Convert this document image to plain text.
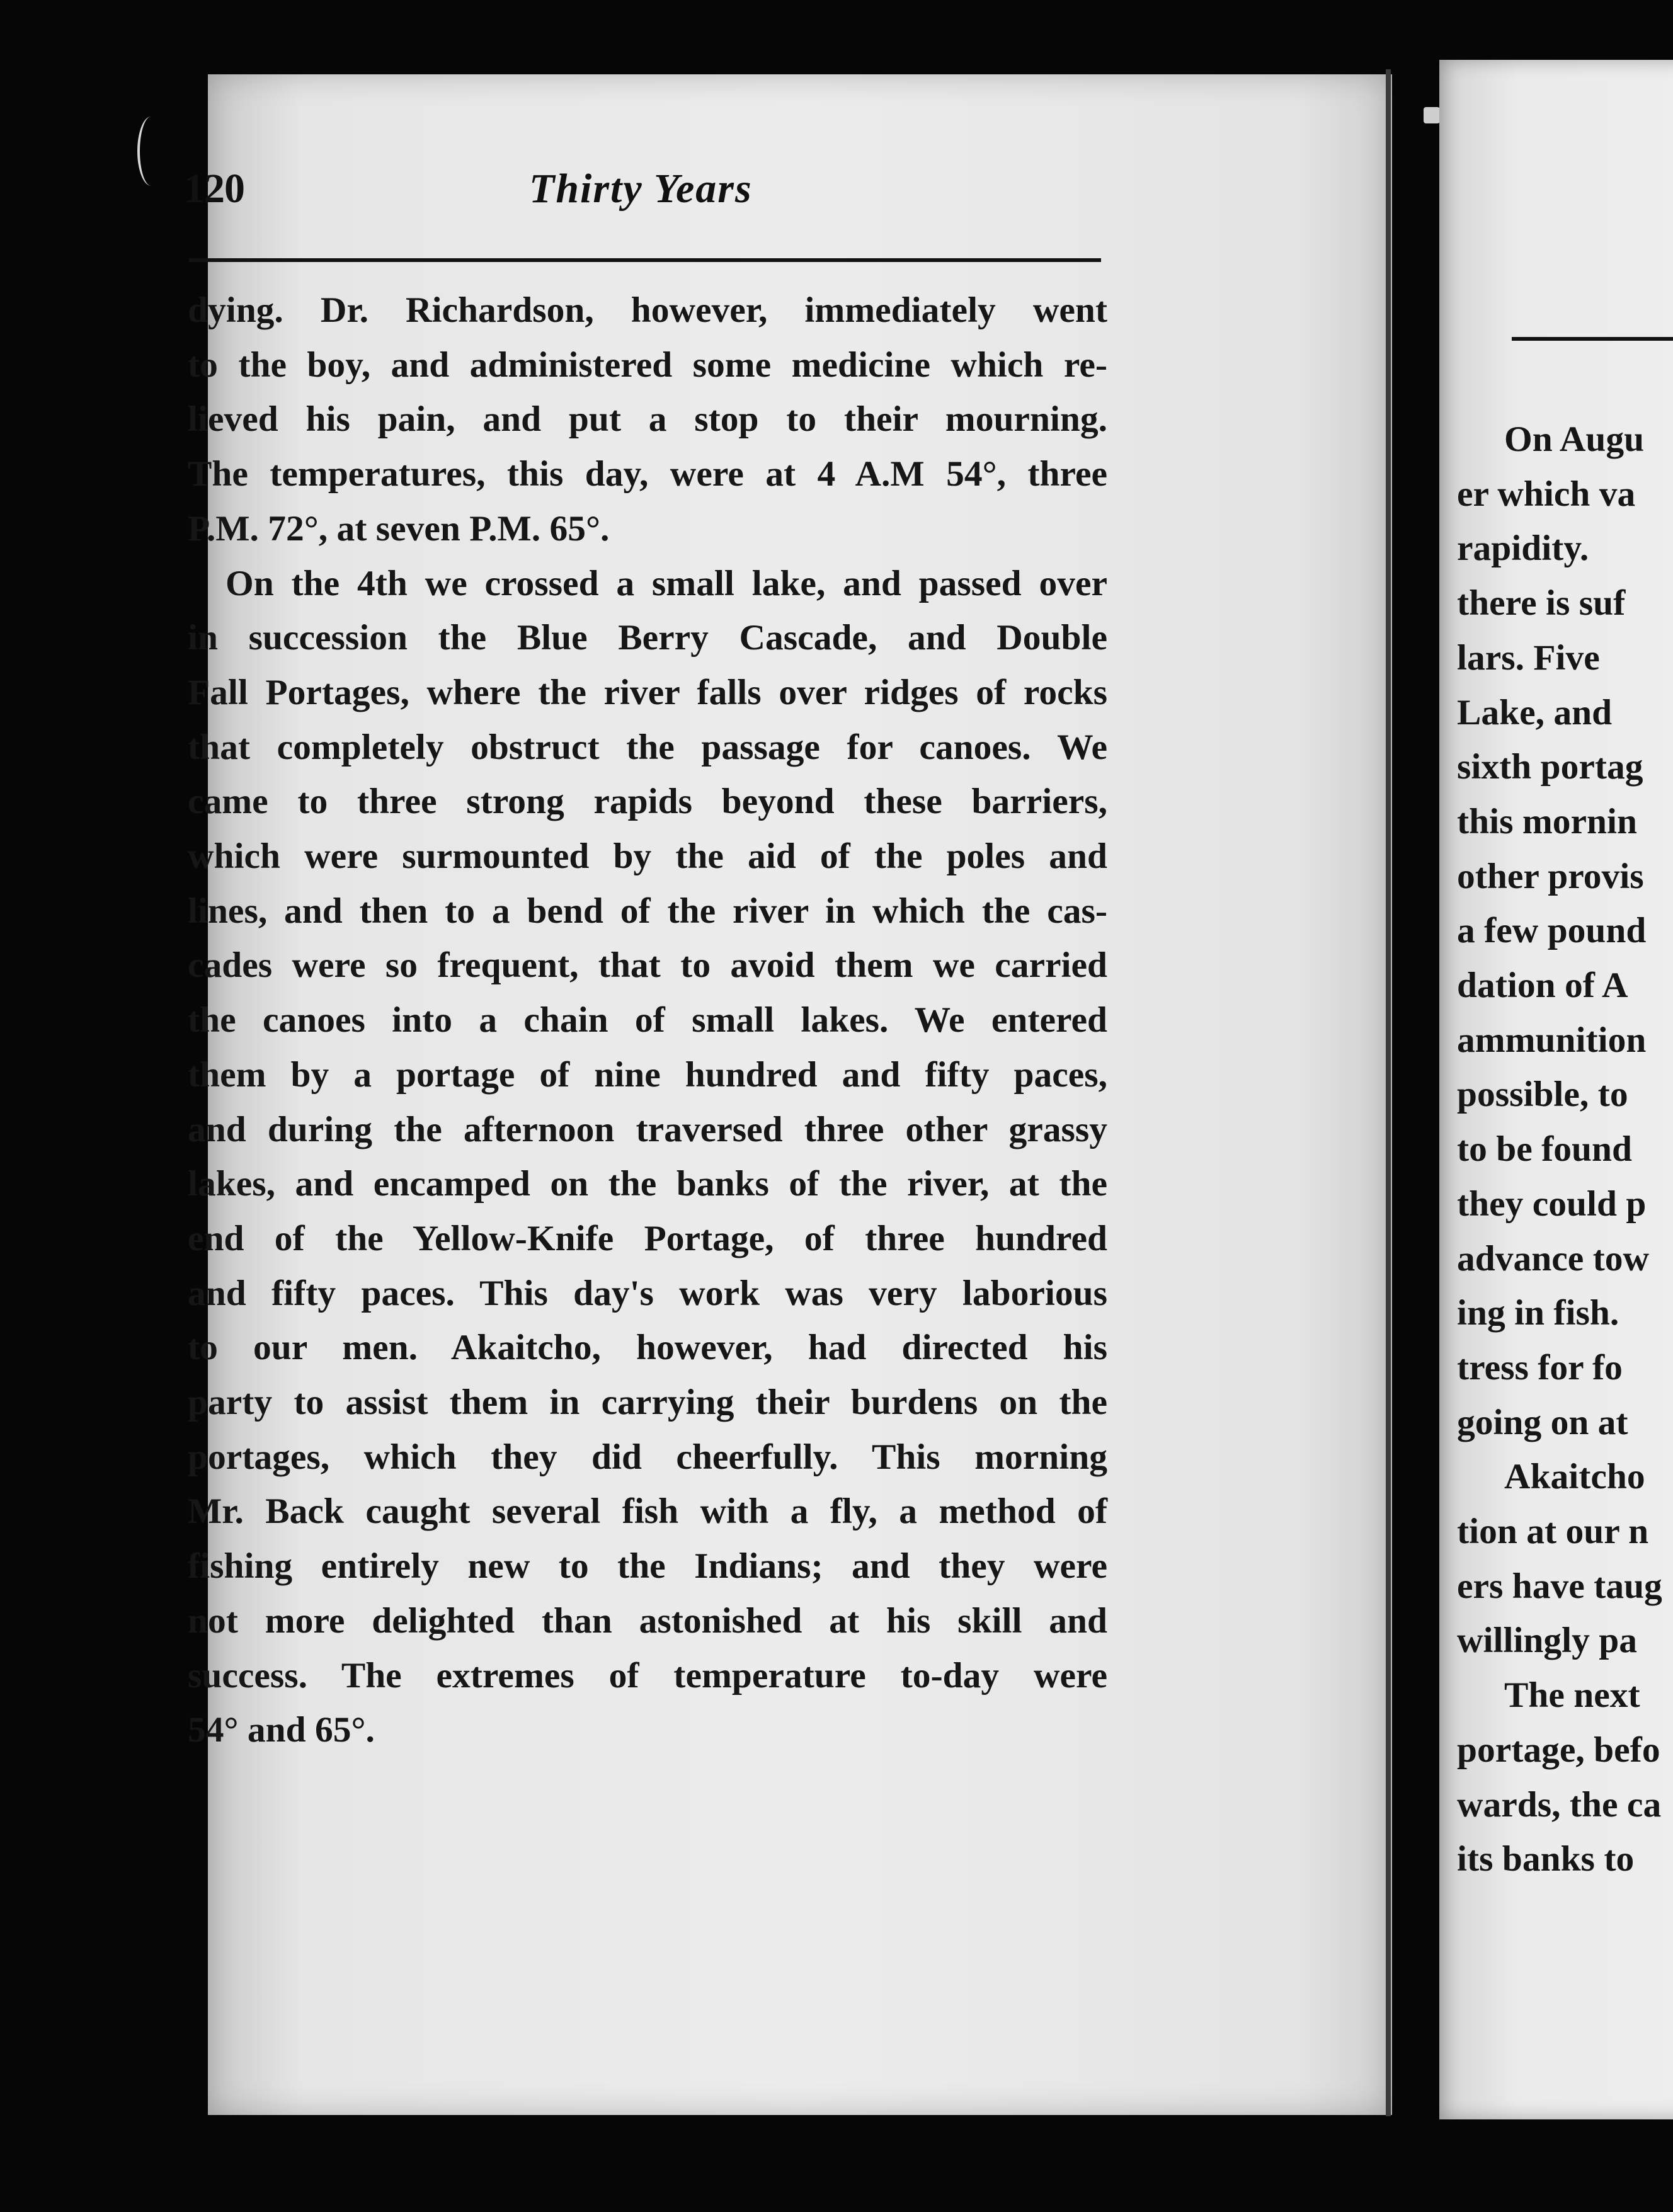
120	Thirty Years
dying. Dr. Richardson, however, immediately went
to the boy, and administered some medicine which re-
lieved his pain, and put a stop to their mourning.
The temperatures, this day, were at 4 A.M 54°, three
P.M. 72°, at seven P.M. 65°.
On the 4th we crossed a small lake, and passed over
in succession the Blue Berry Cascade, and Double
Fall Portages, where the river falls over ridges of rocks
that completely obstruct the passage for canoes. We
came to three strong rapids beyond these barriers,
which were surmounted by the aid of the poles and
lines, and then to a bend of the river in which the cas-
cades were so frequent, that to avoid them we carried
the canoes into a chain of small lakes. We entered
them by a portage of nine hundred and fifty paces,
and during the afternoon traversed three other grassy
lakes, and encamped on the banks of the river, at the
end of the Yellow-Knife Portage, of three hundred
and fifty paces. This day's work was very laborious
to our men. Akaitcho, however, had directed his
party to assist them in carrying their burdens on the
portages, which they did cheerfully. This morning
Mr. Back caught several fish with a fly, a method of
fishing entirely new to the Indians; and they were
not more delighted than astonished at his skill and
success. The extremes of temperature to-day were
54° and 65°.
On Augu
er which va
rapidity.
there is suf
lars. Five
Lake, and
sixth portag
this mornin
other provis
a few pound
dation of A
ammunition
possible, to
to be found
they could p
advance tow
ing in fish.
tress for fo
going on at
Akaitcho
tion at our n
ers have taug
willingly pa
The next
portage, befo
wards, the ca
its banks to
